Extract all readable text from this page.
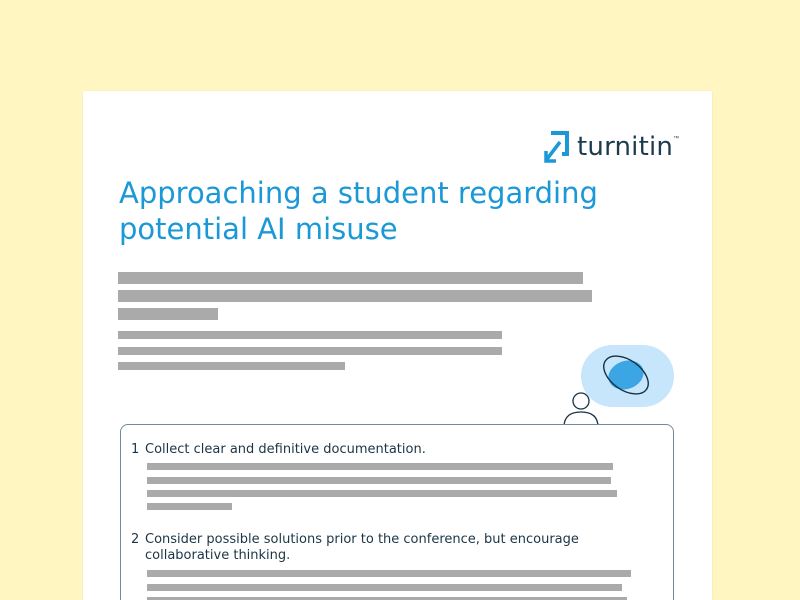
turnitin ™
Approaching a student regarding potential AI misuse
1 Collect clear and definitive documentation.
2 Consider possible solutions prior to the conference, but encourage collaborative thinking.
